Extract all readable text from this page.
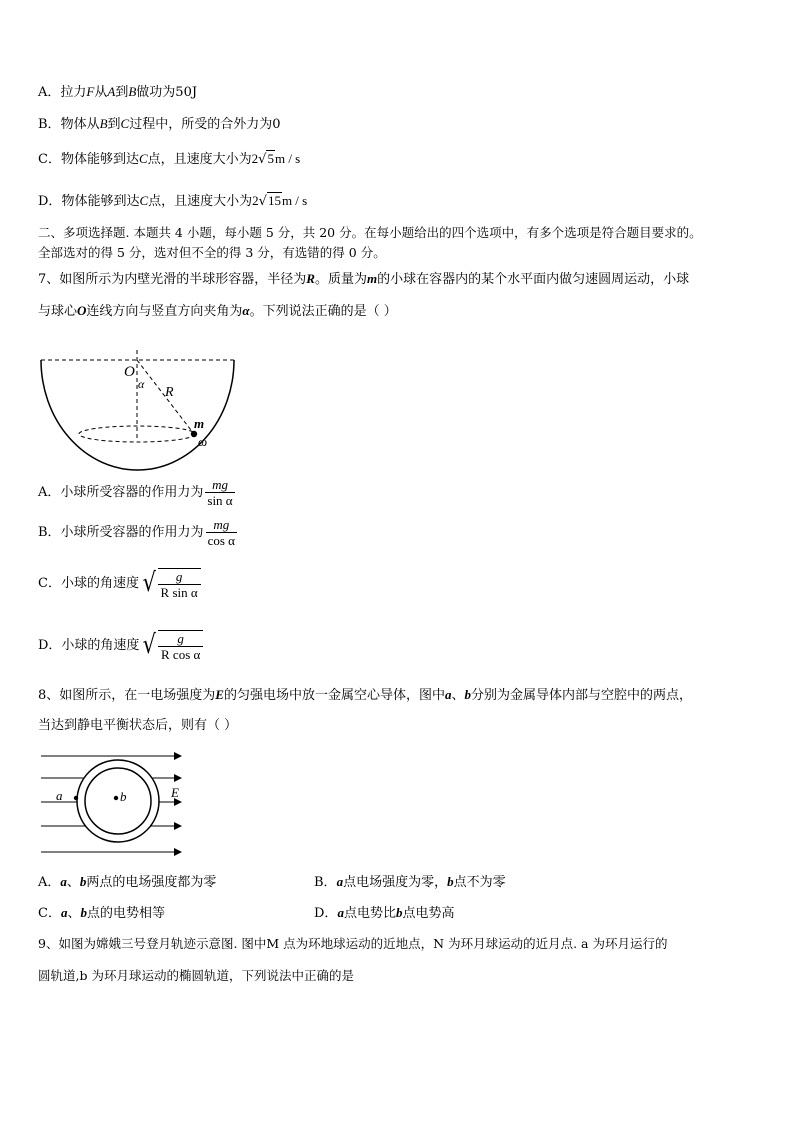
A．拉力F从A到B做功为50J
B．物体从B到C过程中，所受的合外力为0
C．物体能够到达C点，且速度大小为2√5m / s
D．物体能够到达C点，且速度大小为2√15m / s
二、多项选择题. 本题共 4 小题，每小题 5 分，共 20 分。在每小题给出的四个选项中，有多个选项是符合题目要求的。
全部选对的得 5 分，选对但不全的得 3 分，有选错的得 0 分。
7、如图所示为内壁光滑的半球形容器，半径为R。质量为m的小球在容器内的某个水平面内做匀速圆周运动，小球
与球心O连线方向与竖直方向夹角为α。下列说法正确的是（ ）
O
α
R
m
ω
A．小球所受容器的作用力为 $\frac{mg}{\text{sin α}}$
B．小球所受容器的作用力为 $\frac{mg}{\text{cos α}}$
C．小球的角速度 √ $\frac{g}{\text{R sin α}}$
D．小球的角速度 √ $\frac{g}{\text{R cos α}}$
8、如图所示，在一电场强度为E的匀强电场中放一金属空心导体，图中a、b分别为金属导体内部与空腔中的两点，
当达到静电平衡状态后，则有（ ）
a	b	E
A．a、b两点的电场强度都为零	B．a点电场强度为零，b点不为零
C．a、b点的电势相等	D．a点电势比b点电势高
9、如图为嫦娥三号登月轨迹示意图. 图中M 点为环地球运动的近地点，N 为环月球运动的近月点. a 为环月运行的
圆轨道,b 为环月球运动的椭圆轨道，下列说法中正确的是
